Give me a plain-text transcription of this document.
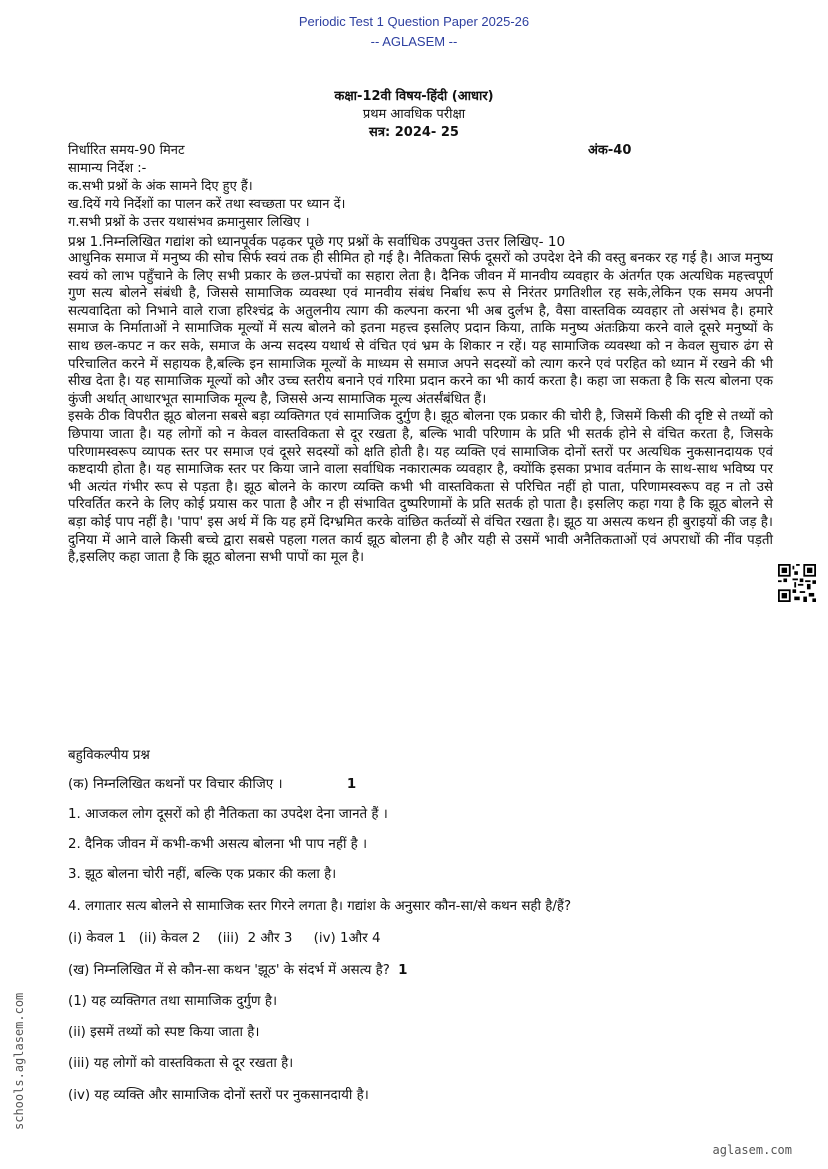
Periodic Test 1 Question Paper 2025-26
-- AGLASEM --
कक्षा-12वी विषय-हिंदी (आधार)
प्रथम आवधिक परीक्षा
सत्र: 2024- 25
निर्धारित समय-90 मिनट	अंक-40
सामान्य निर्देश :-
क.सभी प्रश्नों के अंक सामने दिए हुए हैं।
ख.दियें गये निर्देशों का पालन करें तथा स्वच्छता पर ध्यान दें।
ग.सभी प्रश्नों के उत्तर यथासंभव क्रमानुसार लिखिए ।
प्रश्न 1.निम्नलिखित गद्यांश को ध्यानपूर्वक पढ़कर पूछे गए प्रश्नों के सर्वाधिक उपयुक्त उत्तर लिखिए- 10

आधुनिक समाज में मनुष्य की सोच सिर्फ स्वयं तक ही सीमित हो गई है। नैतिकता सिर्फ दूसरों को उपदेश देने की वस्तु बनकर रह गई है। आज मनुष्य स्वयं को लाभ पहुँचाने के लिए सभी प्रकार के छल-प्रपंचों का सहारा लेता है। दैनिक जीवन में मानवीय व्यवहार के अंतर्गत एक अत्यधिक महत्त्वपूर्ण गुण सत्य बोलने संबंधी है, जिससे सामाजिक व्यवस्था एवं मानवीय संबंध निर्बाध रूप से निरंतर प्रगतिशील रह सके,लेकिन एक समय अपनी सत्यवादिता को निभाने वाले राजा हरिश्चंद्र के अतुलनीय त्याग की कल्पना करना भी अब दुर्लभ है, वैसा वास्तविक व्यवहार तो असंभव है। हमारे समाज के निर्माताओं ने सामाजिक मूल्यों में सत्य बोलने को इतना महत्त्व इसलिए प्रदान किया, ताकि मनुष्य अंतःक्रिया करने वाले दूसरे मनुष्यों के साथ छल-कपट न कर सके, समाज के अन्य सदस्य यथार्थ से वंचित एवं भ्रम के शिकार न रहें। यह सामाजिक व्यवस्था को न केवल सुचारु ढंग से परिचालित करने में सहायक है,बल्कि इन सामाजिक मूल्यों के माध्यम से समाज अपने सदस्यों को त्याग करने एवं परहित को ध्यान में रखने की भी सीख देता है। यह सामाजिक मूल्यों को और उच्च स्तरीय बनाने एवं गरिमा प्रदान करने का भी कार्य करता है। कहा जा सकता है कि सत्य बोलना एक कुंजी अर्थात् आधारभूत सामाजिक मूल्य है, जिससे अन्य सामाजिक मूल्य अंतर्संबंधित हैं।

इसके ठीक विपरीत झूठ बोलना सबसे बड़ा व्यक्तिगत एवं सामाजिक दुर्गुण है। झूठ बोलना एक प्रकार की चोरी है, जिसमें किसी की दृष्टि से तथ्यों को छिपाया जाता है। यह लोगों को न केवल वास्तविकता से दूर रखता है, बल्कि भावी परिणाम के प्रति भी सतर्क होने से वंचित करता है, जिसके परिणामस्वरूप व्यापक स्तर पर समाज एवं दूसरे सदस्यों को क्षति होती है। यह व्यक्ति एवं सामाजिक दोनों स्तरों पर अत्यधिक नुकसानदायक एवं कष्टदायी होता है। यह सामाजिक स्तर पर किया जाने वाला सर्वाधिक नकारात्मक व्यवहार है, क्योंकि इसका प्रभाव वर्तमान के साथ-साथ भविष्य पर भी अत्यंत गंभीर रूप से पड़ता है। झूठ बोलने के कारण व्यक्ति कभी भी वास्तविकता से परिचित नहीं हो पाता, परिणामस्वरूप वह न तो उसे परिवर्तित करने के लिए कोई प्रयास कर पाता है और न ही संभावित दुष्परिणामों के प्रति सतर्क हो पाता है। इसलिए कहा गया है कि झूठ बोलने से बड़ा कोई पाप नहीं है। 'पाप' इस अर्थ में कि यह हमें दिग्भ्रमित करके वांछित कर्तव्यों से वंचित रखता है। झूठ या असत्य कथन ही बुराइयों की जड़ है। दुनिया में आने वाले किसी बच्चे द्वारा सबसे पहला गलत कार्य झूठ बोलना ही है और यही से उसमें भावी अनैतिकताओं एवं अपराधों की नींव पड़ती है,इसलिए कहा जाता है कि झूठ बोलना सभी पापों का मूल है।

बहुविकल्पीय प्रश्न
(क) निम्नलिखित कथनों पर विचार कीजिए ।	1
1. आजकल लोग दूसरों को ही नैतिकता का उपदेश देना जानते हैं ।
2. दैनिक जीवन में कभी-कभी असत्य बोलना भी पाप नहीं है ।
3. झूठ बोलना चोरी नहीं, बल्कि एक प्रकार की कला है।
4. लगातार सत्य बोलने से सामाजिक स्तर गिरने लगता है। गद्यांश के अनुसार कौन-सा/से कथन सही है/हैं?
(i) केवल 1   (ii) केवल 2    (iii)  2 और 3     (iv) 1और 4
(ख) निम्नलिखित में से कौन-सा कथन 'झूठ' के संदर्भ में असत्य है? 1
(1) यह व्यक्तिगत तथा सामाजिक दुर्गुण है।
(ii) इसमें तथ्यों को स्पष्ट किया जाता है।
(iii) यह लोगों को वास्तविकता से दूर रखता है।
(iv) यह व्यक्ति और सामाजिक दोनों स्तरों पर नुकसानदायी है।
schools.aglasem.com
aglasem.com
